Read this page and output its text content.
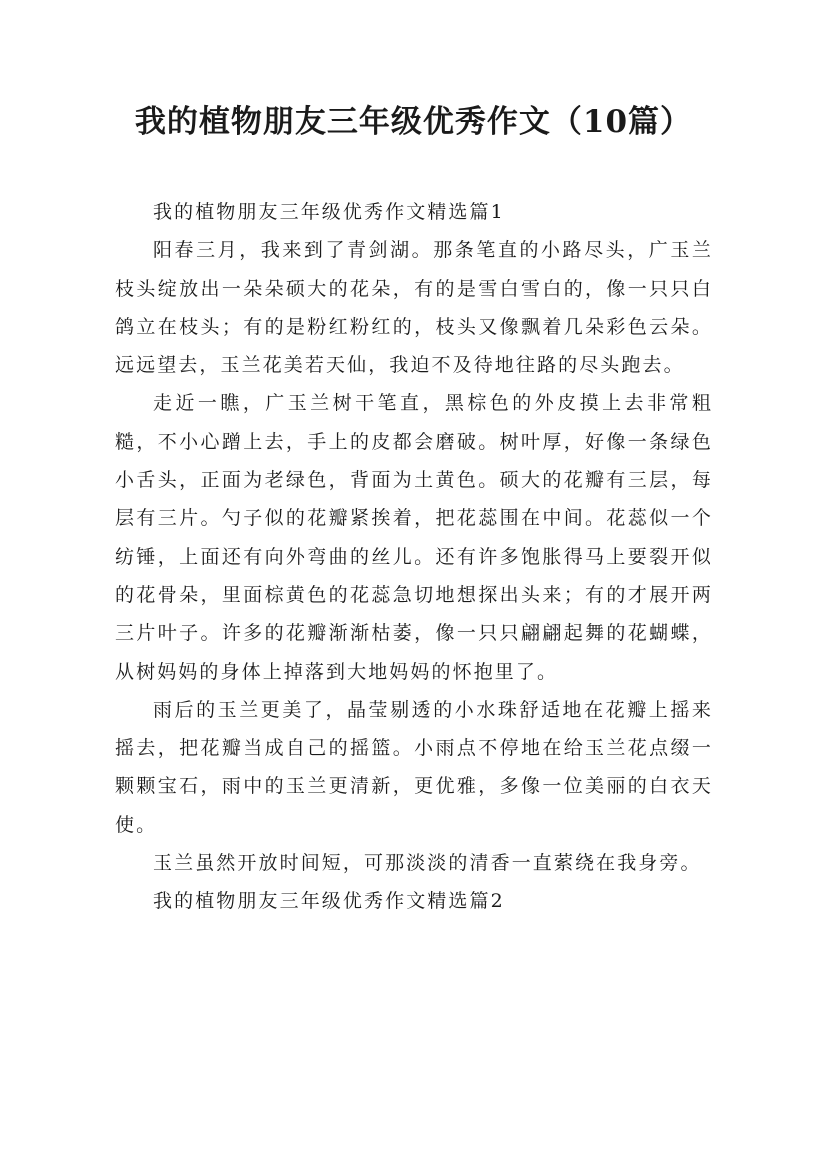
我的植物朋友三年级优秀作文（10篇）

我的植物朋友三年级优秀作文精选篇1

阳春三月，我来到了青剑湖。那条笔直的小路尽头，广玉兰枝头绽放出一朵朵硕大的花朵，有的是雪白雪白的，像一只只白鸽立在枝头；有的是粉红粉红的，枝头又像飘着几朵彩色云朵。远远望去，玉兰花美若天仙，我迫不及待地往路的尽头跑去。

走近一瞧，广玉兰树干笔直，黑棕色的外皮摸上去非常粗糙，不小心蹭上去，手上的皮都会磨破。树叶厚，好像一条绿色小舌头，正面为老绿色，背面为土黄色。硕大的花瓣有三层，每层有三片。勺子似的花瓣紧挨着，把花蕊围在中间。花蕊似一个纺锤，上面还有向外弯曲的丝儿。还有许多饱胀得马上要裂开似的花骨朵，里面棕黄色的花蕊急切地想探出头来；有的才展开两三片叶子。许多的花瓣渐渐枯萎，像一只只翩翩起舞的花蝴蝶，从树妈妈的身体上掉落到大地妈妈的怀抱里了。

雨后的玉兰更美了，晶莹剔透的小水珠舒适地在花瓣上摇来摇去，把花瓣当成自己的摇篮。小雨点不停地在给玉兰花点缀一颗颗宝石，雨中的玉兰更清新，更优雅，多像一位美丽的白衣天使。

玉兰虽然开放时间短，可那淡淡的清香一直萦绕在我身旁。

我的植物朋友三年级优秀作文精选篇2
